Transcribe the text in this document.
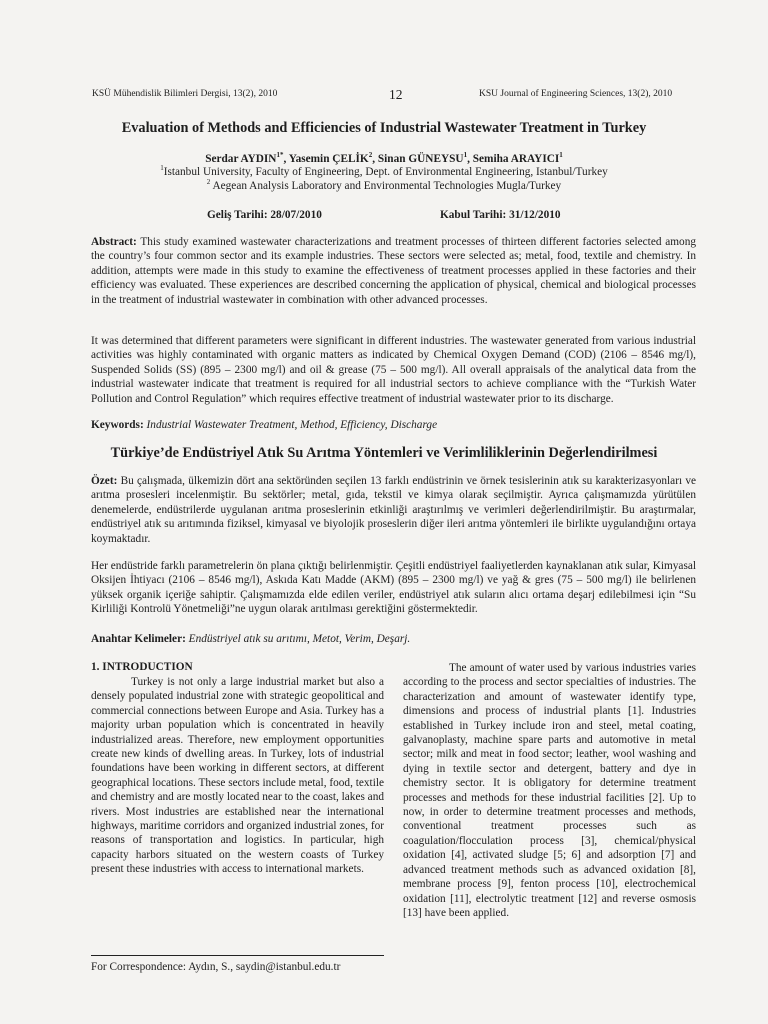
KSÜ Mühendislik Bilimleri Dergisi, 13(2), 2010	12	KSU Journal of Engineering Sciences, 13(2), 2010
Evaluation of Methods and Efficiencies of Industrial Wastewater Treatment in Turkey
Serdar $AYDIN^{1*}$, Yasemin ÇELİK$^2$, Sinan GÜNEYSU$^1$, Semiha ARAYICI$^1$
$^1$Istanbul University, Faculty of Engineering, Dept. of Environmental Engineering, Istanbul/Turkey
$^2$ Aegean Analysis Laboratory and Environmental Technologies Mugla/Turkey
Geliş Tarihi: 28/07/2010	Kabul Tarihi: 31/12/2010

Abstract: This study examined wastewater characterizations and treatment processes of thirteen different factories selected among the country’s four common sector and its example industries. These sectors were selected as; metal, food, textile and chemistry. In addition, attempts were made in this study to examine the effectiveness of treatment processes applied in these factories and their efficiency was evaluated. These experiences are described concerning the application of physical, chemical and biological processes in the treatment of industrial wastewater in combination with other advanced processes.

It was determined that different parameters were significant in different industries. The wastewater generated from various industrial activities was highly contaminated with organic matters as indicated by Chemical Oxygen Demand (COD) (2106 – 8546 mg/l), Suspended Solids (SS) (895 – 2300 mg/l) and oil & grease (75 – 500 mg/l). All overall appraisals of the analytical data from the industrial wastewater indicate that treatment is required for all industrial sectors to achieve compliance with the “Turkish Water Pollution and Control Regulation” which requires effective treatment of industrial wastewater prior to its discharge.

Keywords: Industrial Wastewater Treatment, Method, Efficiency, Discharge

Türkiye’de Endüstriyel Atık Su Arıtma Yöntemleri ve Verimliliklerinin Değerlendirilmesi

Özet: Bu çalışmada, ülkemizin dört ana sektöründen seçilen 13 farklı endüstrinin ve örnek tesislerinin atık su karakterizasyonları ve arıtma prosesleri incelenmiştir. Bu sektörler; metal, gıda, tekstil ve kimya olarak seçilmiştir. Ayrıca çalışmamızda yürütülen denemelerde, endüstrilerde uygulanan arıtma proseslerinin etkinliği araştırılmış ve verimleri değerlendirilmiştir. Bu araştırmalar, endüstriyel atık su arıtımında fiziksel, kimyasal ve biyolojik proseslerin diğer ileri arıtma yöntemleri ile birlikte uygulandığını ortaya koymaktadır.

Her endüstride farklı parametrelerin ön plana çıktığı belirlenmiştir. Çeşitli endüstriyel faaliyetlerden kaynaklanan atık sular, Kimyasal Oksijen İhtiyacı (2106 – 8546 mg/l), Askıda Katı Madde (AKM) (895 – 2300 mg/l) ve yağ & gres (75 – 500 mg/l) ile belirlenen yüksek organik içeriğe sahiptir. Çalışmamızda elde edilen veriler, endüstriyel atık suların alıcı ortama deşarj edilebilmesi için “Su Kirliliği Kontrolü Yönetmeliği”ne uygun olarak arıtılması gerektiğini göstermektedir.

Anahtar Kelimeler: Endüstriyel atık su arıtımı, Metot, Verim, Deşarj.

1. INTRODUCTION

Turkey is not only a large industrial market but also a densely populated industrial zone with strategic geopolitical and commercial connections between Europe and Asia. Turkey has a majority urban population which is concentrated in heavily industrialized areas. Therefore, new employment opportunities create new kinds of dwelling areas. In Turkey, lots of industrial foundations have been working in different sectors, at different geographical locations. These sectors include metal, food, textile and chemistry and are mostly located near to the coast, lakes and rivers. Most industries are established near the international highways, maritime corridors and organized industrial zones, for reasons of transportation and logistics. In particular, high capacity harbors situated on the western coasts of Turkey present these industries with access to international markets.

The amount of water used by various industries varies according to the process and sector specialties of industries. The characterization and amount of wastewater identify type, dimensions and process of industrial plants [1]. Industries established in Turkey include iron and steel, metal coating, galvanoplasty, machine spare parts and automotive in metal sector; milk and meat in food sector; leather, wool washing and dying in textile sector and detergent, battery and dye in chemistry sector. It is obligatory for determine treatment processes and methods for these industrial facilities [2]. Up to now, in order to determine treatment processes and methods, conventional treatment processes such as coagulation/flocculation process [3], chemical/physical oxidation [4], activated sludge [5; 6] and adsorption [7] and advanced treatment methods such as advanced oxidation [8], membrane process [9], fenton process [10], electrochemical oxidation [11], electrolytic treatment [12] and reverse osmosis [13] have been applied.

For Correspondence: Aydın, S., saydin@istanbul.edu.tr
